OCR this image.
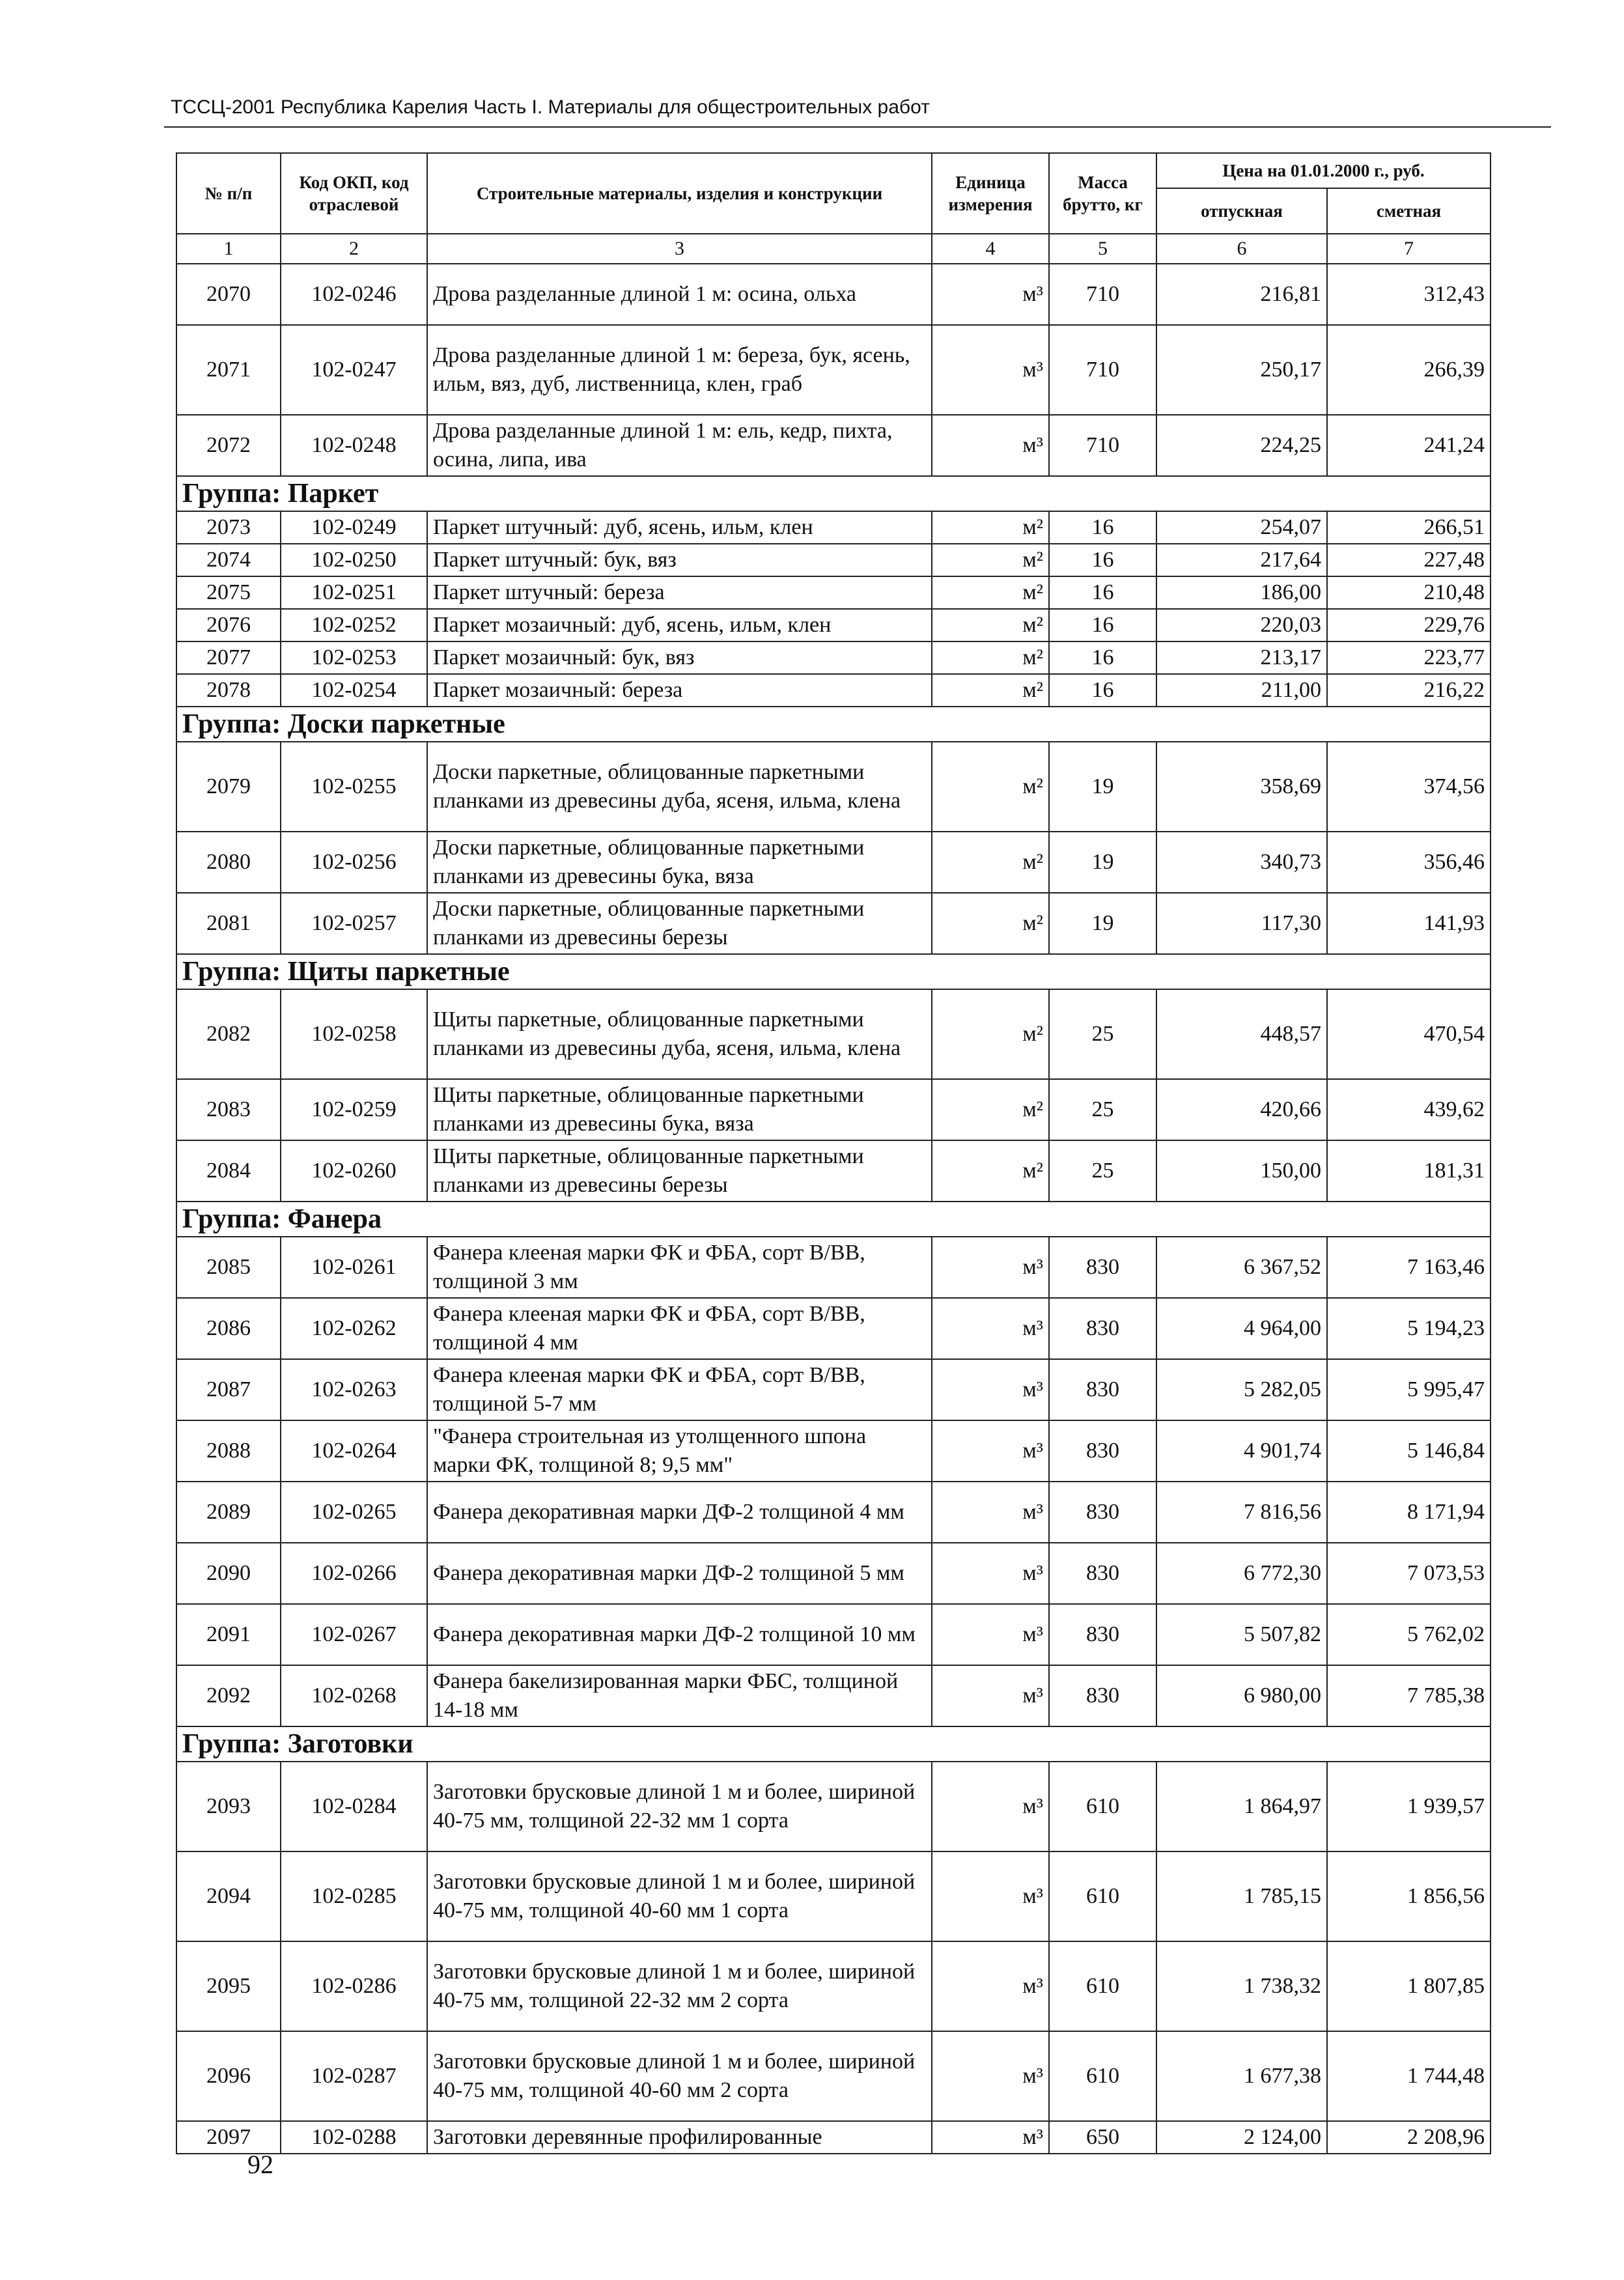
ТССЦ-2001 Республика Карелия Часть I. Материалы для общестроительных работ
№ п/п	Код ОКП, код отраслевой	Строительные материалы, изделия и конструкции	Единица измерения	Масса брутто, кг	Цена на 01.01.2000 г., руб.	
					отпускная	сметная
1	2	3	4	5	6	7
2070	102-0246	Дрова разделанные длиной 1 м: осина, ольха	м³	710	216,81	312,43
2071	102-0247	Дрова разделанные длиной 1 м: береза, бук, ясень, ильм, вяз, дуб, лиственница, клен, граб	м³	710	250,17	266,39
2072	102-0248	Дрова разделанные длиной 1 м: ель, кедр, пихта, осина, липа, ива	м³	710	224,25	241,24
Группа: Паркет						
2073	102-0249	Паркет штучный: дуб, ясень, ильм, клен	м²	16	254,07	266,51
2074	102-0250	Паркет штучный: бук, вяз	м²	16	217,64	227,48
2075	102-0251	Паркет штучный: береза	м²	16	186,00	210,48
2076	102-0252	Паркет мозаичный: дуб, ясень, ильм, клен	м²	16	220,03	229,76
2077	102-0253	Паркет мозаичный: бук, вяз	м²	16	213,17	223,77
2078	102-0254	Паркет мозаичный: береза	м²	16	211,00	216,22
Группа: Доски паркетные						
2079	102-0255	Доски паркетные, облицованные паркетными планками из древесины дуба, ясеня, ильма, клена	м²	19	358,69	374,56
2080	102-0256	Доски паркетные, облицованные паркетными планками из древесины бука, вяза	м²	19	340,73	356,46
2081	102-0257	Доски паркетные, облицованные паркетными планками из древесины березы	м²	19	117,30	141,93
Группа: Щиты паркетные						
2082	102-0258	Щиты паркетные, облицованные паркетными планками из древесины дуба, ясеня, ильма, клена	м²	25	448,57	470,54
2083	102-0259	Щиты паркетные, облицованные паркетными планками из древесины бука, вяза	м²	25	420,66	439,62
2084	102-0260	Щиты паркетные, облицованные паркетными планками из древесины березы	м²	25	150,00	181,31
Группа: Фанера						
2085	102-0261	Фанера клееная марки ФК и ФБА, сорт В/ВВ, толщиной 3 мм	м³	830	6 367,52	7 163,46
2086	102-0262	Фанера клееная марки ФК и ФБА, сорт В/ВВ, толщиной 4 мм	м³	830	4 964,00	5 194,23
2087	102-0263	Фанера клееная марки ФК и ФБА, сорт В/ВВ, толщиной 5-7 мм	м³	830	5 282,05	5 995,47
2088	102-0264	"Фанера строительная из утолщенного шпона марки ФК, толщиной 8; 9,5 мм"	м³	830	4 901,74	5 146,84
2089	102-0265	Фанера декоративная марки ДФ-2 толщиной 4 мм	м³	830	7 816,56	8 171,94
2090	102-0266	Фанера декоративная марки ДФ-2 толщиной 5 мм	м³	830	6 772,30	7 073,53
2091	102-0267	Фанера декоративная марки ДФ-2 толщиной 10 мм	м³	830	5 507,82	5 762,02
2092	102-0268	Фанера бакелизированная марки ФБС, толщиной 14-18 мм	м³	830	6 980,00	7 785,38
Группа: Заготовки						
2093	102-0284	Заготовки брусковые длиной 1 м и более, шириной 40-75 мм, толщиной 22-32 мм 1 сорта	м³	610	1 864,97	1 939,57
2094	102-0285	Заготовки брусковые длиной 1 м и более, шириной 40-75 мм, толщиной 40-60 мм 1 сорта	м³	610	1 785,15	1 856,56
2095	102-0286	Заготовки брусковые длиной 1 м и более, шириной 40-75 мм, толщиной 22-32 мм 2 сорта	м³	610	1 738,32	1 807,85
2096	102-0287	Заготовки брусковые длиной 1 м и более, шириной 40-75 мм, толщиной 40-60 мм 2 сорта	м³	610	1 677,38	1 744,48
2097	102-0288	Заготовки деревянные профилированные	м³	650	2 124,00	2 208,96
92
